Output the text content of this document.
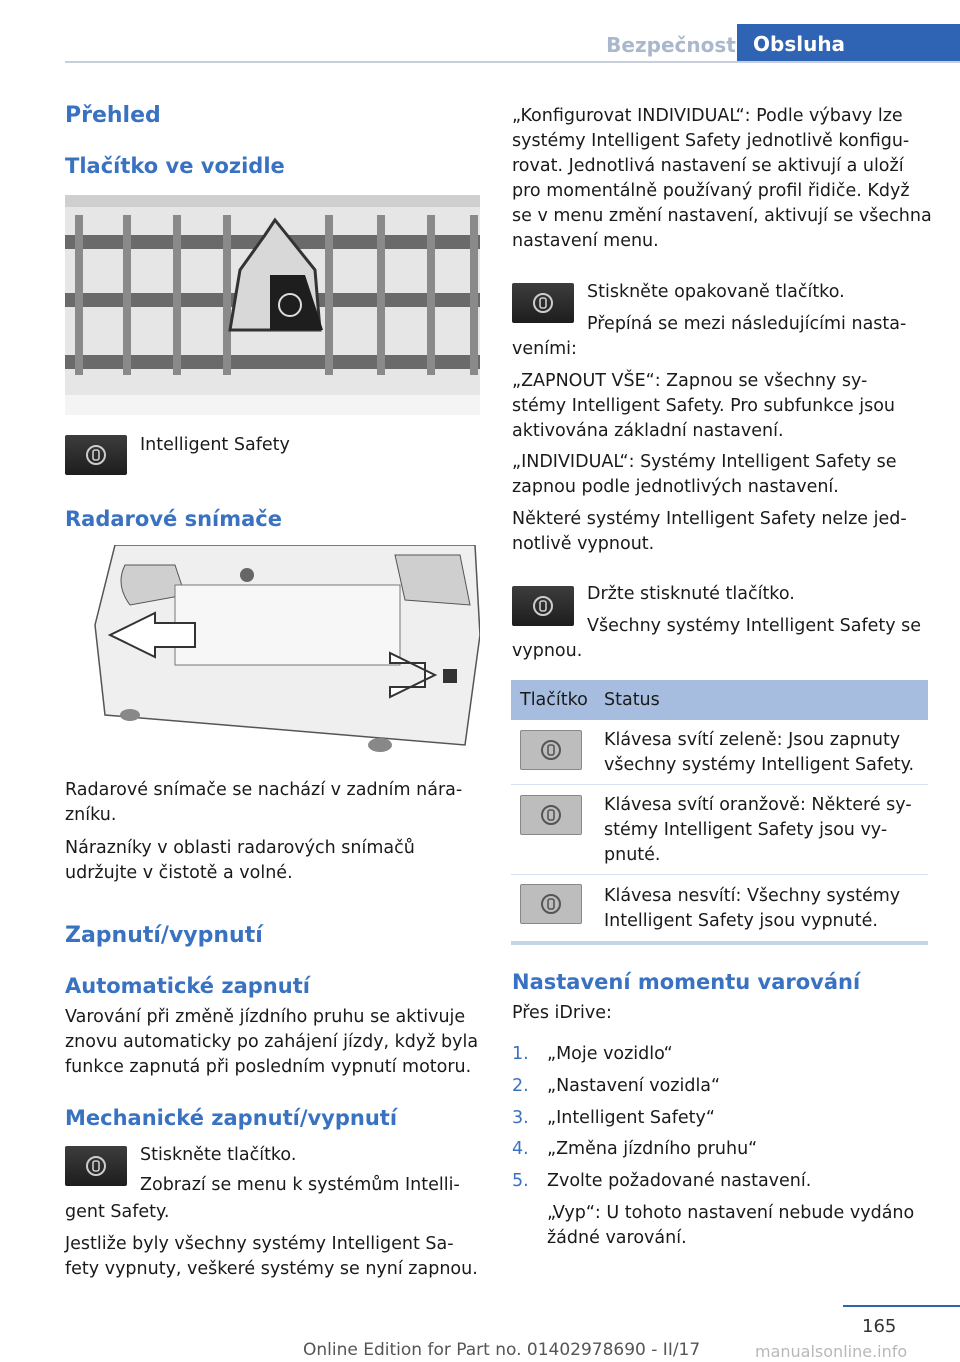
Bezpečnost Obsluha
Přehled
Tlačítko ve vozidle
Intelligent Safety
Radarové snímače
Radarové snímače se nachází v zadním nára-
zníku.
Nárazníky v oblasti radarových snímačů
udržujte v čistotě a volné.
Zapnutí/vypnutí
Automatické zapnutí
Varování při změně jízdního pruhu se aktivuje
znovu automaticky po zahájení jízdy, když byla
funkce zapnutá při posledním vypnutí motoru.
Mechanické zapnutí/vypnutí
Stiskněte tlačítko.
Zobrazí se menu k systémům Intelli-
gent Safety.
Jestliže byly všechny systémy Intelligent Sa-
fety vypnuty, veškeré systémy se nyní zapnou.
„Konfigurovat INDIVIDUAL“: Podle výbavy lze
systémy Intelligent Safety jednotlivě konfigu-
rovat. Jednotlivá nastavení se aktivují a uloží
pro momentálně používaný profil řidiče. Když
se v menu změní nastavení, aktivují se všechna
nastavení menu.
Stiskněte opakovaně tlačítko.
Přepíná se mezi následujícími nasta-
veními:
„ZAPNOUT VŠE“: Zapnou se všechny sy-
stémy Intelligent Safety. Pro subfunkce jsou
aktivována základní nastavení.
„INDIVIDUAL“: Systémy Intelligent Safety se
zapnou podle jednotlivých nastavení.
Některé systémy Intelligent Safety nelze jed-
notlivě vypnout.
Držte stisknuté tlačítko.
Všechny systémy Intelligent Safety se
vypnou.
Tlačítko Status
Klávesa svítí zeleně: Jsou zapnuty
všechny systémy Intelligent Safety.
Klávesa svítí oranžově: Některé sy-
stémy Intelligent Safety jsou vy-
pnuté.
Klávesa nesvítí: Všechny systémy
Intelligent Safety jsou vypnuté.
Nastavení momentu varování
Přes iDrive:
1. „Moje vozidlo“
2. „Nastavení vozidla“
3. „Intelligent Safety“
4. „Změna jízdního pruhu“
5. Zvolte požadované nastavení.
„Vyp“: U tohoto nastavení nebude vydáno
žádné varování.
165
Online Edition for Part no. 01402978690 - II/17	manualsonline.info
